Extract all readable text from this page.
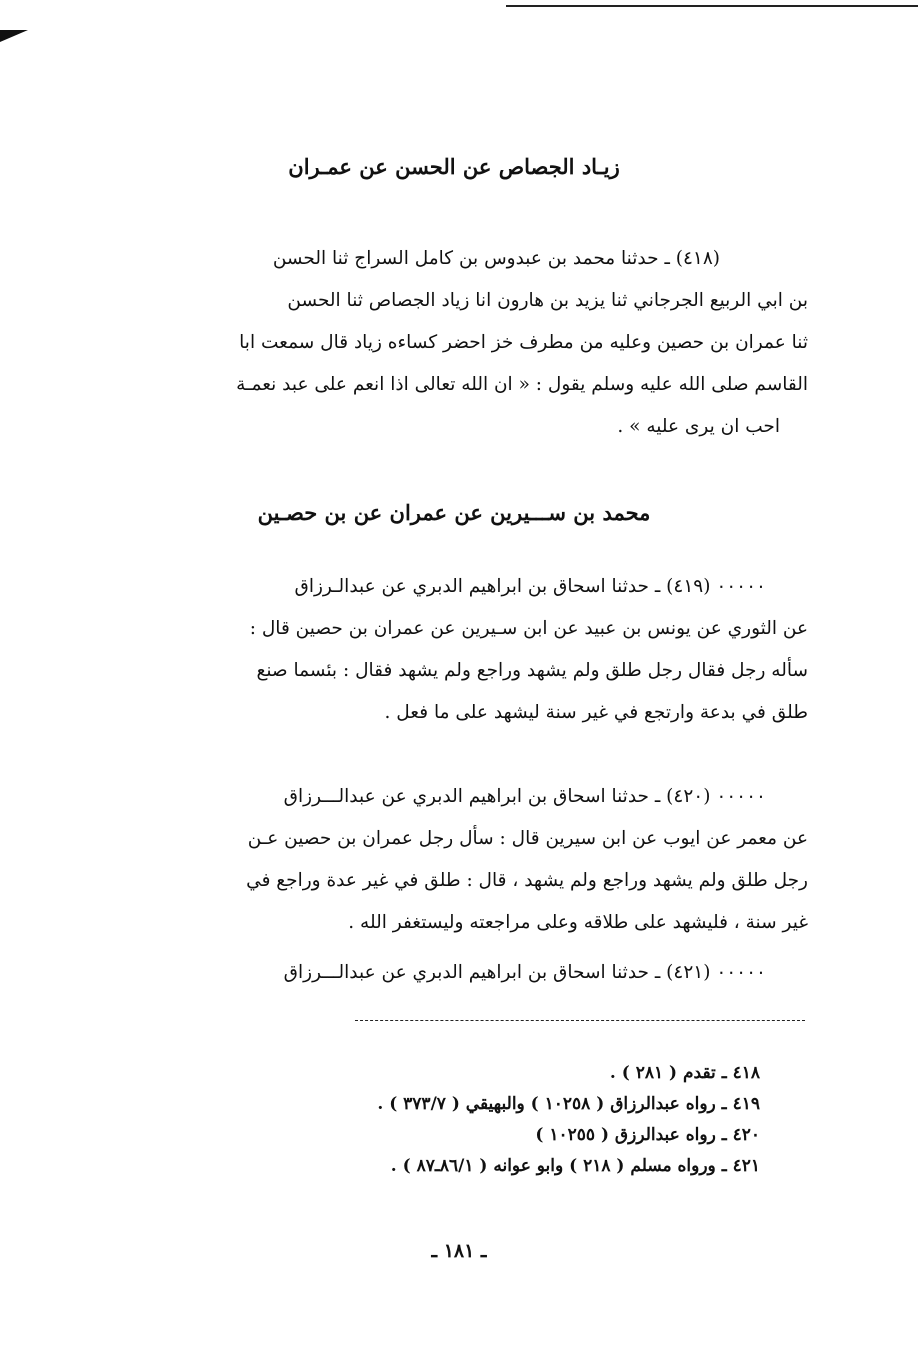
زيـاد الجصاص عن الحسن عن عمـران
(٤١٨) ـ حدثنا محمد بن عبدوس بن كامل السراج ثنا الحسن
بن ابي الربيع الجرجاني ثنا يزيد بن هارون انا زياد الجصاص ثنا الحسن
ثنا عمران بن حصين وعليه من مطرف خز احضر كساءه زياد قال سمعت ابا
القاسم صلى الله عليه وسلم يقول : « ان الله تعالى اذا انعم على عبد نعمـة
احب ان يرى عليه » .
محمد بن ســـيرين عن عمران عن بن حصـين
٠٠٠٠٠ (٤١٩) ـ حدثنا اسحاق بن ابراهيم الدبري عن عبدالـرزاق
عن الثوري عن يونس بن عبيد عن ابن سـيرين عن عمران بن حصين قال :
سأله رجل فقال رجل طلق ولم يشهد وراجع ولم يشهد فقال : بئسما صنع
طلق في بدعة وارتجع في غير سنة ليشهد على ما فعل .
٠٠٠٠٠ (٤٢٠) ـ حدثنا اسحاق بن ابراهيم الدبري عن عبدالـــرزاق
عن معمر عن ايوب عن ابن سيرين قال : سأل رجل عمران بن حصين عـن
رجل طلق ولم يشهد وراجع ولم يشهد ، قال : طلق في غير عدة وراجع في
غير سنة ، فليشهد على طلاقه وعلى مراجعته وليستغفر الله .
٠٠٠٠٠ (٤٢١) ـ حدثنا اسحاق بن ابراهيم الدبري عن عبدالـــرزاق
٤١٨ ـ تقدم ( ٢٨١ ) .
٤١٩ ـ رواه عبدالرزاق ( ١٠٢٥٨ ) والبهيقي ( ٣٧٣/٧ ) .
٤٢٠ ـ رواه عبدالرزق ( ١٠٢٥٥ )
٤٢١ ـ ورواه مسلم ( ٢١٨ ) وابو عوانه ( ٨٦/١ـ٨٧ ) .
ـ ١٨١ ـ
